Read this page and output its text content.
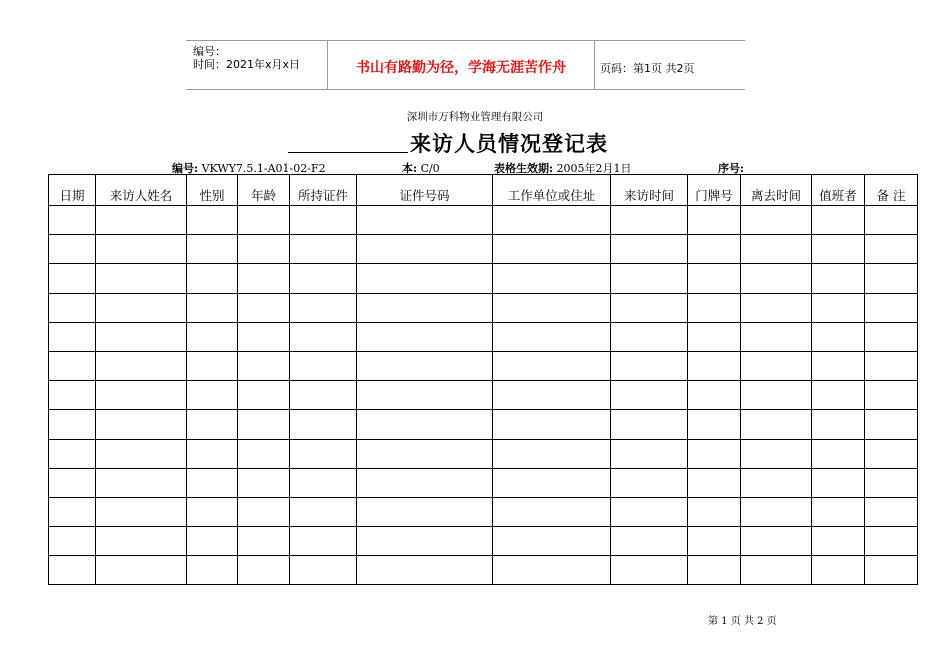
编号：
时间：2021年x月x日	书山有路勤为径，学海无涯苦作舟	页码：第1页 共2页
深圳市万科物业管理有限公司
来访人员情况登记表
编号: VKWY7.5.1-A01-02-F2	本: C/0	表格生效期: 2005年2月1日	序号:
日期	来访人姓名	性别	年龄	所持证件	证件号码	工作单位或住址	来访时间	门牌号	离去时间	值班者	备 注

第 1 页 共 2 页
